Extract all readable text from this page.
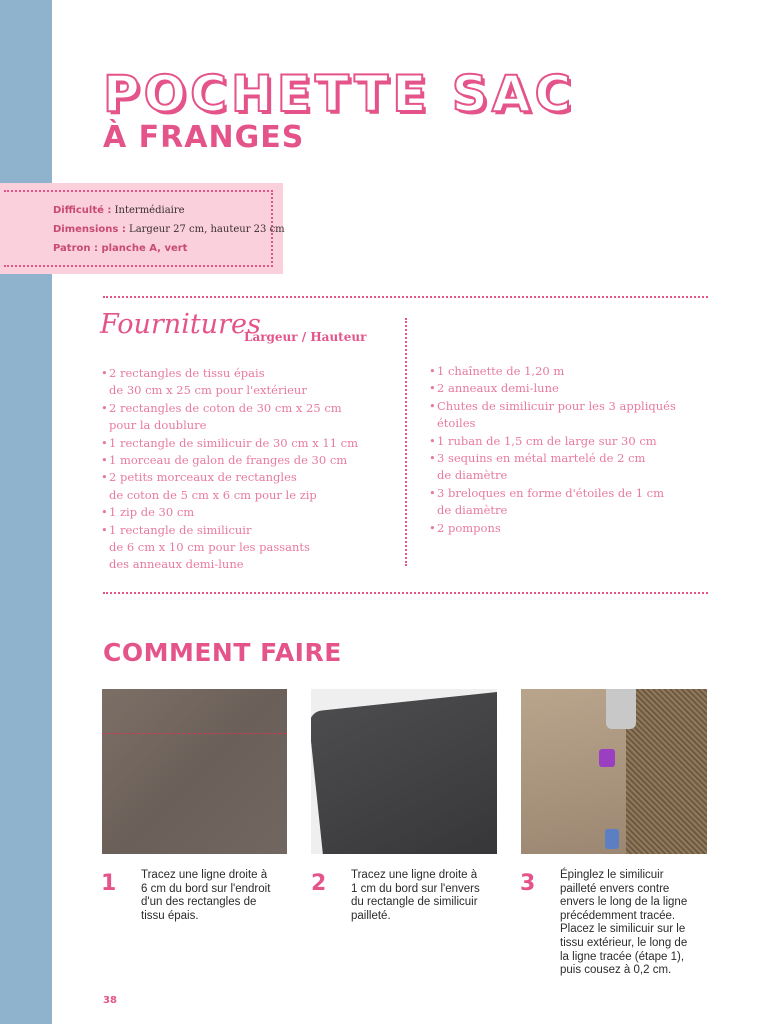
POCHETTE SAC
À FRANGES
Difficulté : Intermédiaire
Dimensions : Largeur 27 cm, hauteur 23 cm
Patron : planche A, vert
Fournitures
Largeur / Hauteur
•2 rectangles de tissu épais
de 30 cm x 25 cm pour l'extérieur
•2 rectangles de coton de 30 cm x 25 cm
pour la doublure
•1 rectangle de similicuir de 30 cm x 11 cm
•1 morceau de galon de franges de 30 cm
•2 petits morceaux de rectangles
de coton de 5 cm x 6 cm pour le zip
•1 zip de 30 cm
•1 rectangle de similicuir
de 6 cm x 10 cm pour les passants
des anneaux demi-lune
•1 chaînette de 1,20 m
•2 anneaux demi-lune
•Chutes de similicuir pour les 3 appliqués
étoiles
•1 ruban de 1,5 cm de large sur 30 cm
•3 sequins en métal martelé de 2 cm
de diamètre
•3 breloques en forme d'étoiles de 1 cm
de diamètre
•2 pompons
COMMENT FAIRE
1 Tracez une ligne droite à
6 cm du bord sur l'endroit
d'un des rectangles de
tissu épais.
2 Tracez une ligne droite à
1 cm du bord sur l'envers
du rectangle de similicuir
pailleté.
3 Épinglez le similicuir
pailleté envers contre
envers le long de la ligne
précédemment tracée.
Placez le similicuir sur le
tissu extérieur, le long de
la ligne tracée (étape 1),
puis cousez à 0,2 cm.
38
